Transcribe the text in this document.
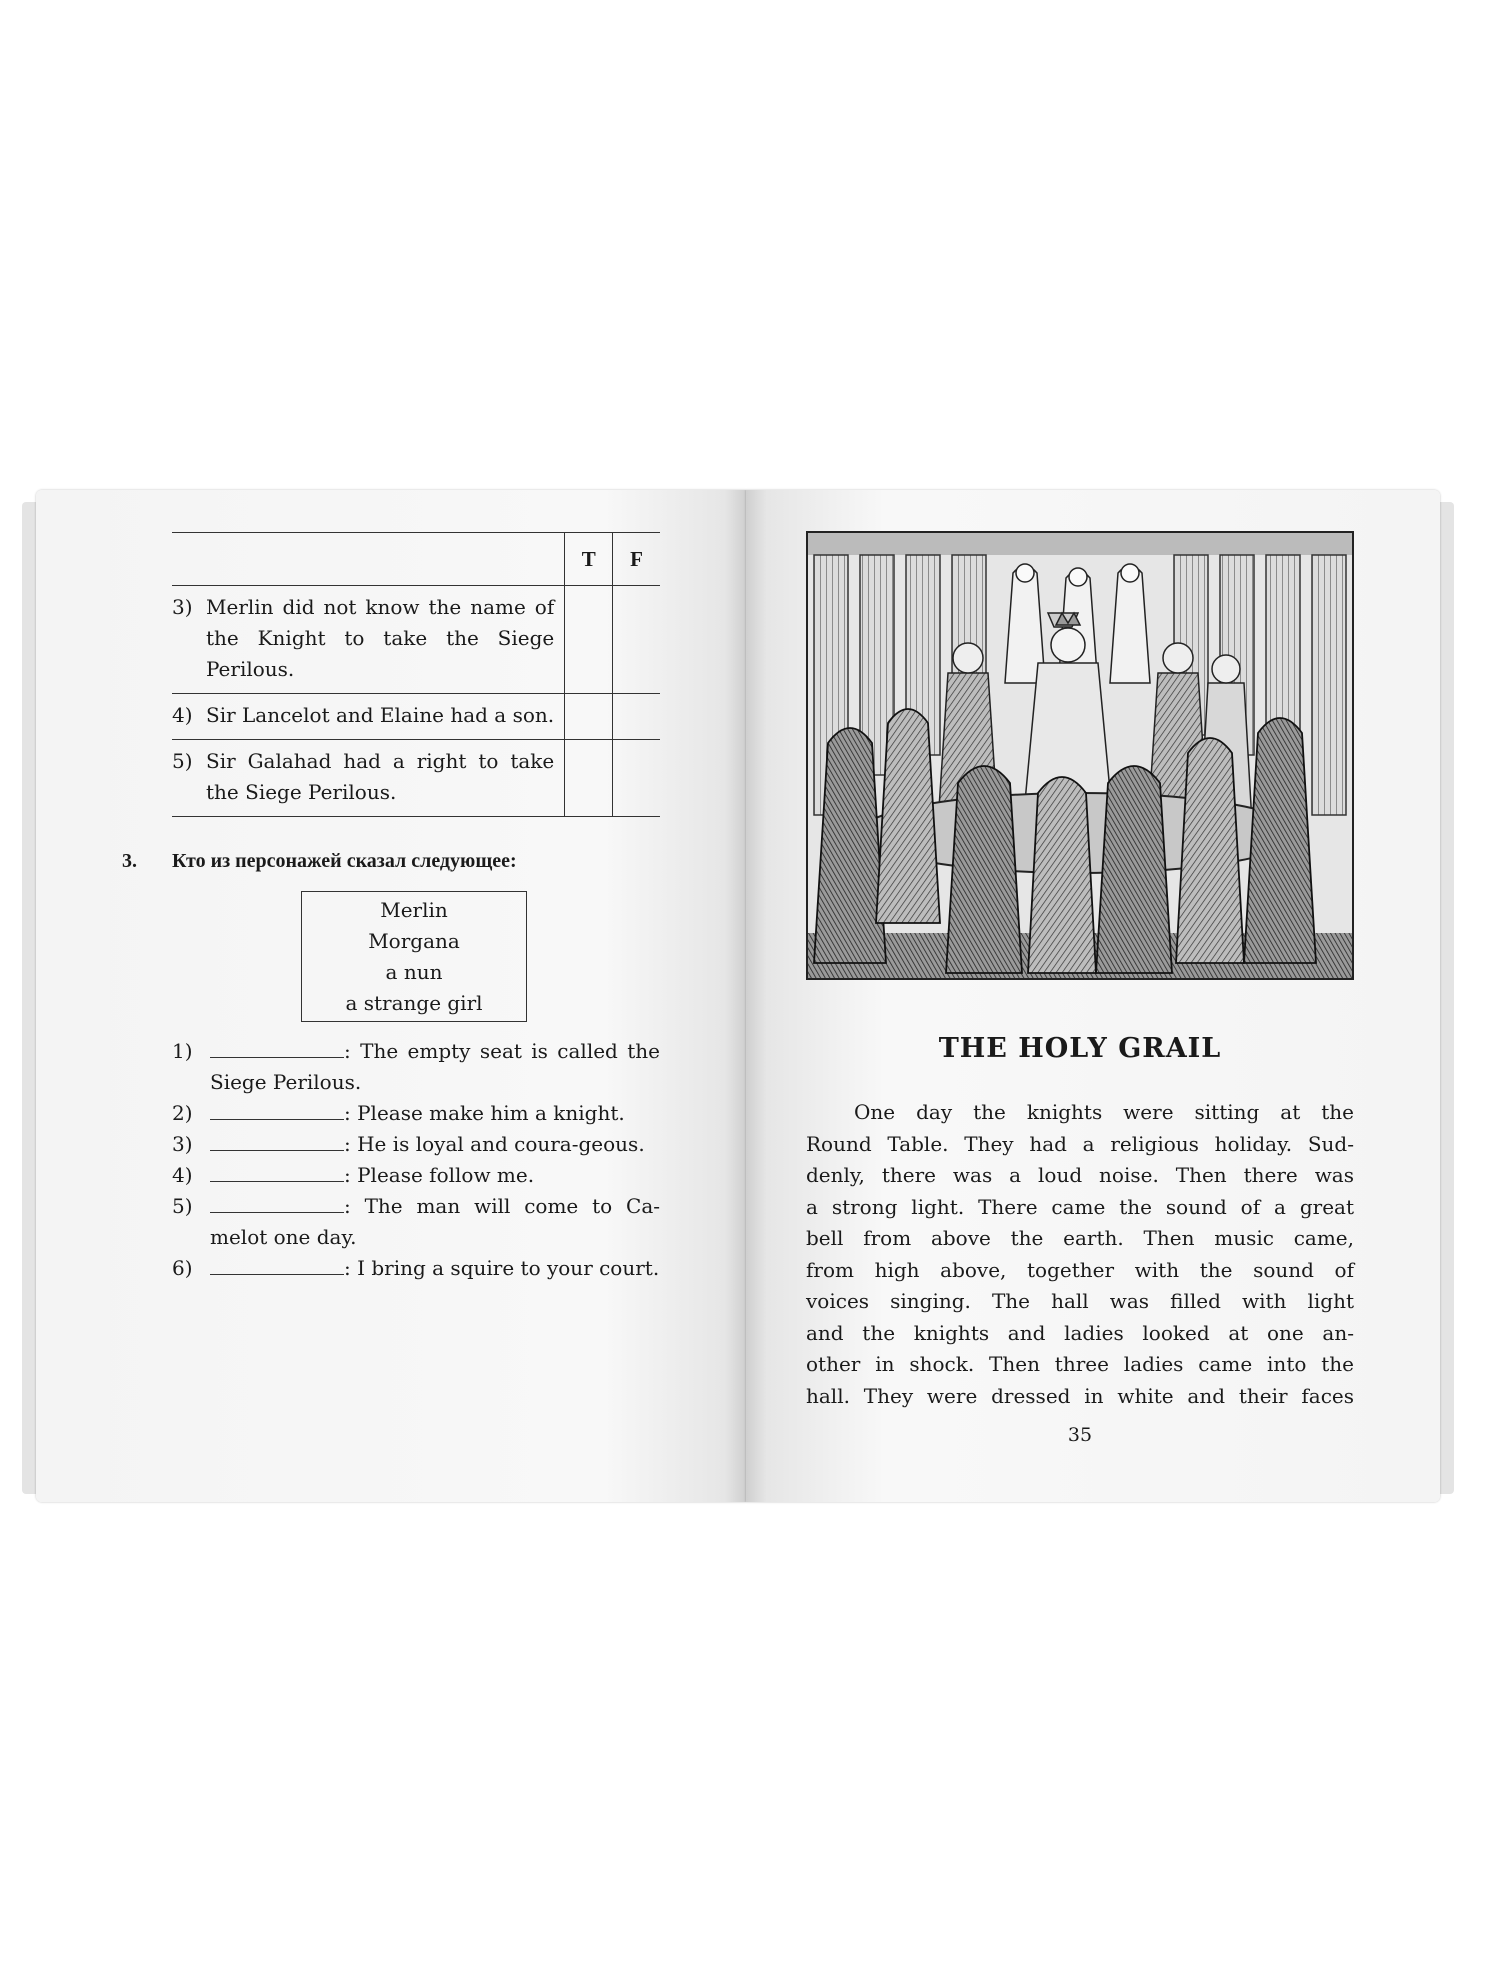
	T	F

3) Merlin did not know the name of the Knight to take the Siege Perilous.		

4) Sir Lancelot and Elaine had a son.		

5) Sir Galahad had a right to take the Siege Perilous.		

3. Кто из персонажей сказал следующее:
Merlin
Morgana
a nun
a strange girl
1)	: The empty seat is called the Siege Perilous.
2)	: Please make him a knight.
3)	: He is loyal and coura-geous.
4)	: Please follow me.
5)	: The man will come to Ca-melot one day.
6)	: I bring a squire to your court.
THE HOLY GRAIL

One day the knights were sitting at the

Round Table. They had a religious holiday. Sud-

denly, there was a loud noise. Then there was

a strong light. There came the sound of a great

bell from above the earth. Then music came,

from high above, together with the sound of

voices singing. The hall was filled with light

and the knights and ladies looked at one an-

other in shock. Then three ladies came into the

hall. They were dressed in white and their faces

35
